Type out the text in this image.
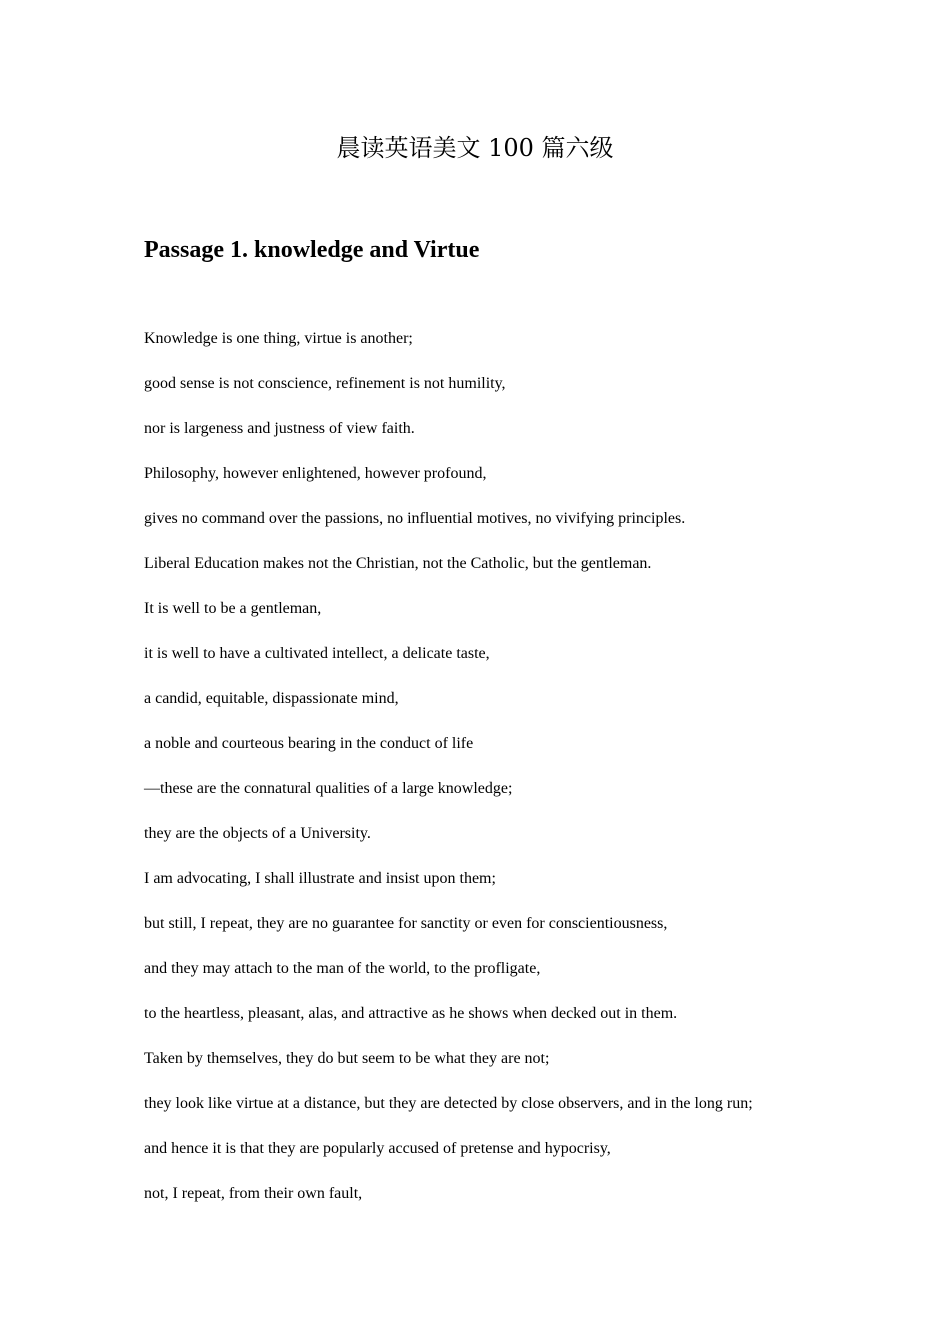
晨读英语美文 100 篇六级
Passage 1. knowledge and Virtue
Knowledge is one thing, virtue is another;
good sense is not conscience, refinement is not humility,
nor is largeness and justness of view faith.
Philosophy, however enlightened, however profound,
gives no command over the passions, no influential motives, no vivifying principles.
Liberal Education makes not the Christian, not the Catholic, but the gentleman.
It is well to be a gentleman,
it is well to have a cultivated intellect, a delicate taste,
a candid, equitable, dispassionate mind,
a noble and courteous bearing in the conduct of life
—these are the connatural qualities of a large knowledge;
they are the objects of a University.
I am advocating, I shall illustrate and insist upon them;
but still, I repeat, they are no guarantee for sanctity or even for conscientiousness,
and they may attach to the man of the world, to the profligate,
to the heartless, pleasant, alas, and attractive as he shows when decked out in them.
Taken by themselves, they do but seem to be what they are not;
they look like virtue at a distance, but they are detected by close observers, and in the long run;
and hence it is that they are popularly accused of pretense and hypocrisy,
not, I repeat, from their own fault,
